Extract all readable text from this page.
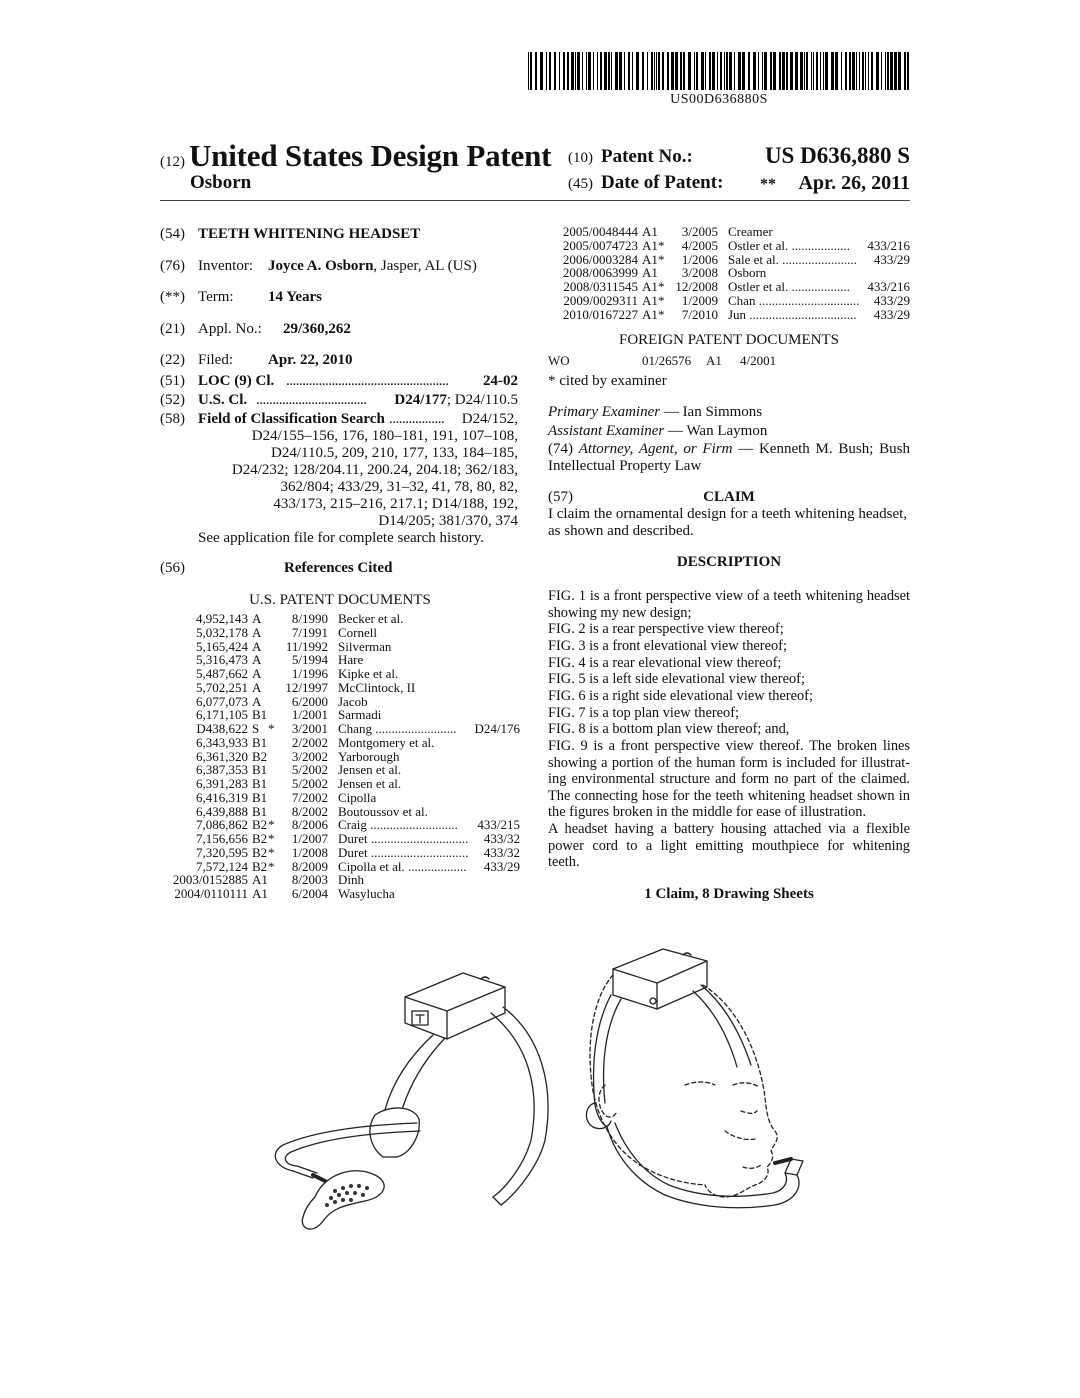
US00D636880S
(12) United States Design Patent
Osborn
(10) Patent No.:	US D636,880 S
(45) Date of Patent: ** Apr. 26, 2011
(54) TEETH WHITENING HEADSET
(76) Inventor: Joyce A. Osborn, Jasper, AL (US)
(**) Term: 14 Years
(21) Appl. No.: 29/360,262
(22) Filed: Apr. 22, 2010
(51) LOC (9) Cl. .................................................. 24-02
(52) U.S. Cl. .................................. D24/177; D24/110.5
(58) Field of Classification Search ................. D24/152,
D24/155–156, 176, 180–181, 191, 107–108,
D24/110.5, 209, 210, 177, 133, 184–185,
D24/232; 128/204.11, 200.24, 204.18; 362/183,
362/804; 433/29, 31–32, 41, 78, 80, 82,
433/173, 215–216, 217.1; D14/188, 192,
D14/205; 381/370, 374
See application file for complete search history.
(56)	References Cited
U.S. PATENT DOCUMENTS
4,952,143 A	8/1990 Becker et al.
5,032,178 A	7/1991 Cornell
5,165,424 A 11/1992 Silverman
5,316,473 A	5/1994 Hare
5,487,662 A	1/1996 Kipke et al.
5,702,251 A 12/1997 McClintock, II
6,077,073 A	6/2000 Jacob
6,171,105 B1	1/2001 Sarmadi
D438,622 S *	3/2001 Chang ......................... D24/176
6,343,933 B1	2/2002 Montgomery et al.
6,361,320 B2	3/2002 Yarborough
6,387,353 B1	5/2002 Jensen et al.
6,391,283 B1	5/2002 Jensen et al.
6,416,319 B1	7/2002 Cipolla
6,439,888 B1	8/2002 Boutoussov et al.
7,086,862 B2 *	8/2006 Craig ........................... 433/215
7,156,656 B2 *	1/2007 Duret .............................. 433/32
7,320,595 B2 *	1/2008 Duret .............................. 433/32
7,572,124 B2 *	8/2009 Cipolla et al. .................. 433/29
2003/0152885 A1	8/2003 Dinh
2004/0110111 A1	6/2004 Wasylucha
2005/0048444 A1	3/2005 Creamer
2005/0074723 A1 *	4/2005 Ostler et al. .................. 433/216
2006/0003284 A1 *	1/2006 Sale et al. ....................... 433/29
2008/0063999 A1	3/2008 Osborn
2008/0311545 A1 * 12/2008 Ostler et al. .................. 433/216
2009/0029311 A1 *	1/2009 Chan ............................... 433/29
2010/0167227 A1 *	7/2010 Jun ................................. 433/29
FOREIGN PATENT DOCUMENTS
WO	01/26576 A1 4/2001
* cited by examiner
Primary Examiner — Ian Simmons
Assistant Examiner — Wan Laymon
(74) Attorney, Agent, or Firm — Kenneth M. Bush; Bush
Intellectual Property Law
(57)	CLAIM
I claim the ornamental design for a teeth whitening headset,
as shown and described.
DESCRIPTION
FIG. 1 is a front perspective view of a teeth whitening headset
showing my new design;
FIG. 2 is a rear perspective view thereof;
FIG. 3 is a front elevational view thereof;
FIG. 4 is a rear elevational view thereof;
FIG. 5 is a left side elevational view thereof;
FIG. 6 is a right side elevational view thereof;
FIG. 7 is a top plan view thereof;
FIG. 8 is a bottom plan view thereof; and,
FIG. 9 is a front perspective view thereof. The broken lines
showing a portion of the human form is included for illustrat-
ing environmental structure and form no part of the claimed.
The connecting hose for the teeth whitening headset shown in
the figures broken in the middle for ease of illustration.
A headset having a battery housing attached via a flexible
power cord to a light emitting mouthpiece for whitening
teeth.
1 Claim, 8 Drawing Sheets
